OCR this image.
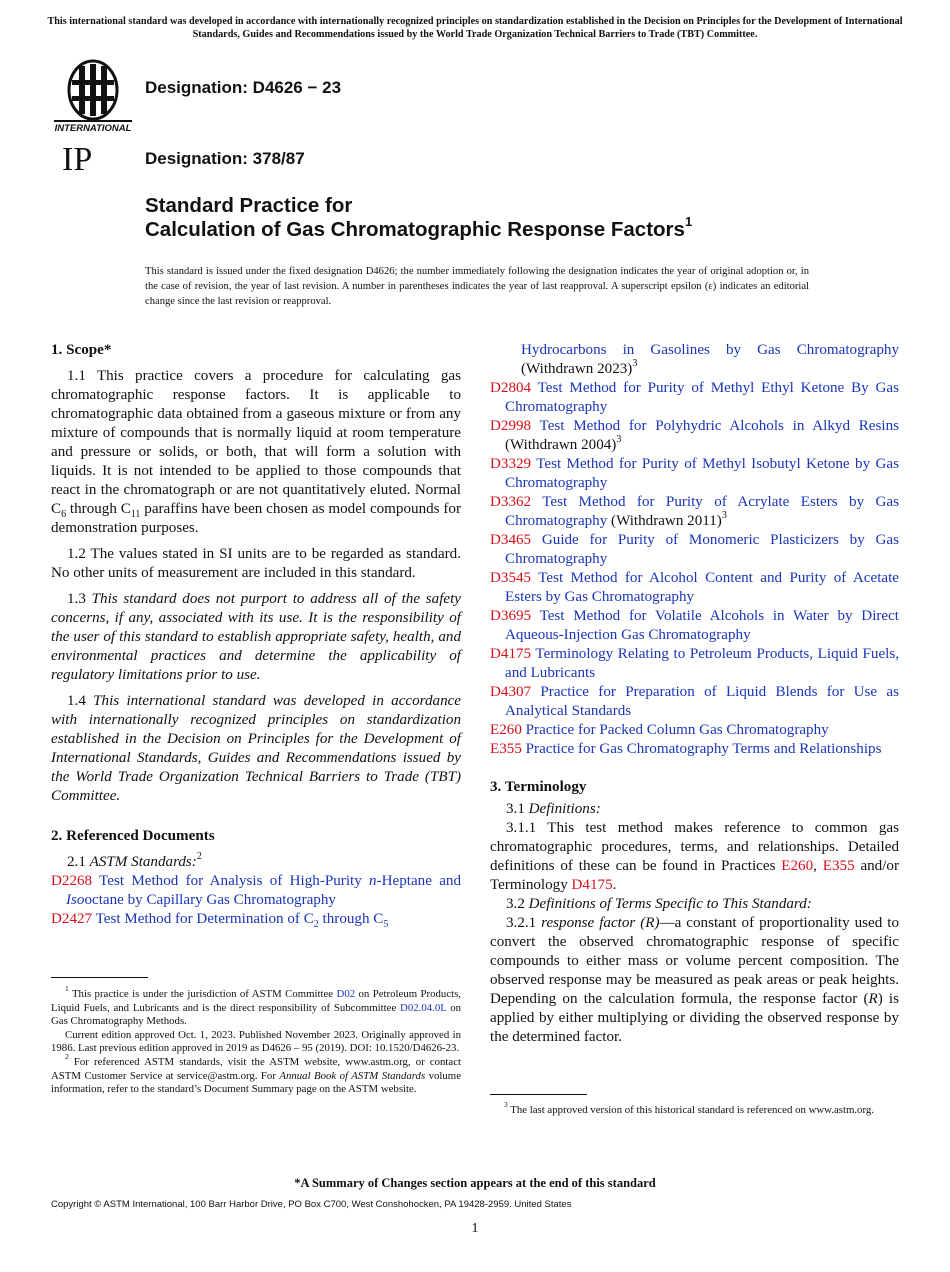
This international standard was developed in accordance with internationally recognized principles on standardization established in the Decision on Principles for the Development of International Standards, Guides and Recommendations issued by the World Trade Organization Technical Barriers to Trade (TBT) Committee.
INTERNATIONAL
IP
Designation: D4626 − 23
Designation: 378/87
Standard Practice for
Calculation of Gas Chromatographic Response Factors$^1$
This standard is issued under the fixed designation D4626; the number immediately following the designation indicates the year of original adoption or, in the case of revision, the year of last revision. A number in parentheses indicates the year of last reapproval. A superscript epsilon (ε) indicates an editorial change since the last revision or reapproval.
1. Scope*

1.1 This practice covers a procedure for calculating gas chromatographic response factors. It is applicable to chromatographic data obtained from a gaseous mixture or from any mixture of compounds that is normally liquid at room temperature and pressure or solids, or both, that will form a solution with liquids. It is not intended to be applied to those compounds that react in the chromatograph or are not quantitatively eluted. Normal $C_6$ through $C_{11}$ paraffins have been chosen as model compounds for demonstration purposes.

1.2 The values stated in SI units are to be regarded as standard. No other units of measurement are included in this standard.

1.3 This standard does not purport to address all of the safety concerns, if any, associated with its use. It is the responsibility of the user of this standard to establish appropriate safety, health, and environmental practices and determine the applicability of regulatory limitations prior to use.

1.4 This international standard was developed in accordance with internationally recognized principles on standardization established in the Decision on Principles for the Development of International Standards, Guides and Recommendations issued by the World Trade Organization Technical Barriers to Trade (TBT) Committee.

2. Referenced Documents

2.1 ASTM Standards:$^2$

D2268 Test Method for Analysis of High-Purity n-Heptane and Isooctane by Capillary Gas Chromatography
D2427 Test Method for Determination of $C_2$ through $C_5$

$^1$ This practice is under the jurisdiction of ASTM Committee D02 on Petroleum Products, Liquid Fuels, and Lubricants and is the direct responsibility of Subcommittee D02.04.0L on Gas Chromatography Methods.

Current edition approved Oct. 1, 2023. Published November 2023. Originally approved in 1986. Last previous edition approved in 2019 as D4626 – 95 (2019). DOI: 10.1520/D4626-23.

$^2$ For referenced ASTM standards, visit the ASTM website, www.astm.org, or contact ASTM Customer Service at service@astm.org. For Annual Book of ASTM Standards volume information, refer to the standard’s Document Summary page on the ASTM website.

Hydrocarbons in Gasolines by Gas Chromatography (Withdrawn 2023)$^3$
D2804 Test Method for Purity of Methyl Ethyl Ketone By Gas Chromatography
D2998 Test Method for Polyhydric Alcohols in Alkyd Resins (Withdrawn 2004)$^3$
D3329 Test Method for Purity of Methyl Isobutyl Ketone by Gas Chromatography
D3362 Test Method for Purity of Acrylate Esters by Gas Chromatography (Withdrawn 2011)$^3$
D3465 Guide for Purity of Monomeric Plasticizers by Gas Chromatography
D3545 Test Method for Alcohol Content and Purity of Acetate Esters by Gas Chromatography
D3695 Test Method for Volatile Alcohols in Water by Direct Aqueous-Injection Gas Chromatography
D4175 Terminology Relating to Petroleum Products, Liquid Fuels, and Lubricants
D4307 Practice for Preparation of Liquid Blends for Use as Analytical Standards
E260 Practice for Packed Column Gas Chromatography
E355 Practice for Gas Chromatography Terms and Relationships
3. Terminology

3.1 Definitions:

3.1.1 This test method makes reference to common gas chromatographic procedures, terms, and relationships. Detailed definitions of these can be found in Practices E260, E355 and/or Terminology D4175.

3.2 Definitions of Terms Specific to This Standard:

3.2.1 response factor (R)—a constant of proportionality used to convert the observed chromatographic response of specific compounds to either mass or volume percent composition. The observed response may be measured as peak areas or peak heights. Depending on the calculation formula, the response factor (R) is applied by either multiplying or dividing the observed response by the determined factor.

$^3$ The last approved version of this historical standard is referenced on www.astm.org.

*A Summary of Changes section appears at the end of this standard
Copyright © ASTM International, 100 Barr Harbor Drive, PO Box C700, West Conshohocken, PA 19428-2959. United States
1
